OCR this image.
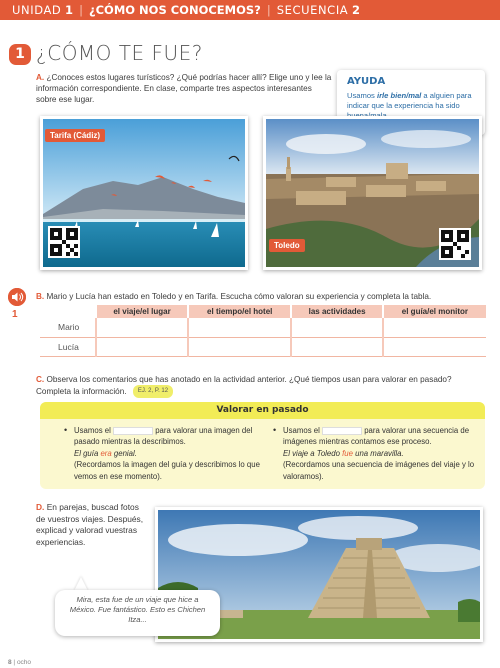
UNIDAD
1 | ¿CÓMO NOS CONOCEMOS? | SECUENCIA
2
1 ¿CÓMO TE FUE?
A. ¿Conoces estos lugares turísticos? ¿Qué podrías hacer allí? Elige uno y lee la información correspondiente. En clase, comparte tres aspectos interesantes sobre ese lugar.
AYUDA
Usamos irle bien/mal a alguien para indicar que la experiencia ha sido
Tarifa (Cádiz)
Toledo
1
B. Mario y Lucía han estado en Toledo y en Tarifa. Escucha cómo valoran su experiencia y completa la tabla.
	el viaje/el lugar	el tiempo/el hotel	las actividades	el guía/el monitor
Mario				
Lucía				
C. Observa los comentarios que has anotado en la actividad anterior. ¿Qué tiempos usan para valorar en pasado? Completa la información. EJ. 2, P. 12
Valorar en pasado
• Usamos el	para valorar una imagen del pasado mientras la describimos.
El guía era genial.
(Recordamos la imagen del guía y describimos lo que vemos en ese momento).
• Usamos el	para valorar una secuencia de imágenes mientras contamos ese proceso.
El viaje a Toledo fue una maravilla.
(Recordamos una secuencia de imágenes del viaje y lo valoramos).
D. En parejas, buscad fotos de vuestros viajes. Después, explicad y valorad vuestras experiencias.
Mira, esta fue de un viaje que hice a México. Fue fantástico. Esto es Chichen Itza...
8 | ocho
